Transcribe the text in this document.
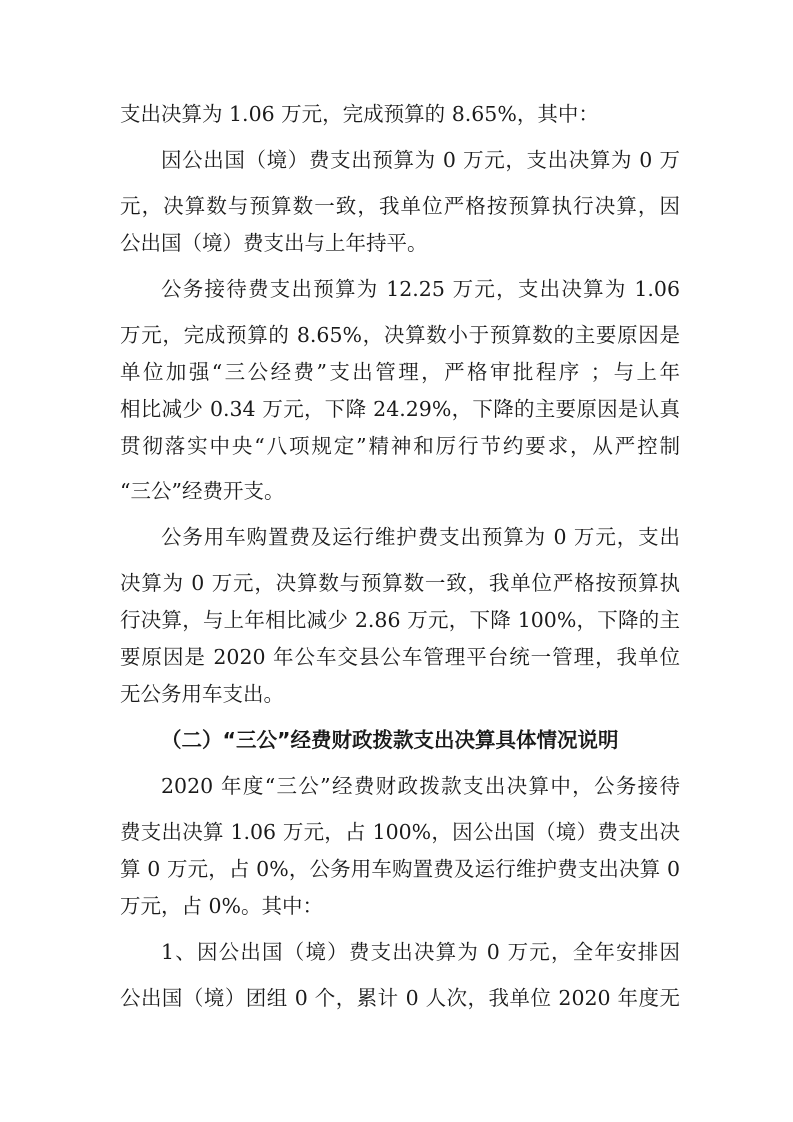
支出决算为 1.06 万元，完成预算的 8.65%，其中：
因公出国（境）费支出预算为 0 万元，支出决算为 0 万
元，决算数与预算数一致，我单位严格按预算执行决算，因
公出国（境）费支出与上年持平。
公务接待费支出预算为 12.25 万元，支出决算为 1.06
万元，完成预算的 8.65%，决算数小于预算数的主要原因是
单位加强“三公经费”支出管理，严格审批程序 ；与上年
相比减少 0.34 万元，下降 24.29%，下降的主要原因是认真
贯彻落实中央“八项规定”精神和厉行节约要求，从严控制
“三公”经费开支。
公务用车购置费及运行维护费支出预算为 0 万元，支出
决算为 0 万元，决算数与预算数一致，我单位严格按预算执
行决算，与上年相比减少 2.86 万元，下降 100%，下降的主
要原因是 2020 年公车交县公车管理平台统一管理，我单位
无公务用车支出。
（二）“三公”经费财政拨款支出决算具体情况说明
2020 年度“三公”经费财政拨款支出决算中，公务接待
费支出决算 1.06 万元，占 100%，因公出国（境）费支出决
算 0 万元，占 0%，公务用车购置费及运行维护费支出决算 0
万元，占 0%。其中：
1、因公出国（境）费支出决算为 0 万元，全年安排因
公出国（境）团组 0 个，累计 0 人次，我单位 2020 年度无
